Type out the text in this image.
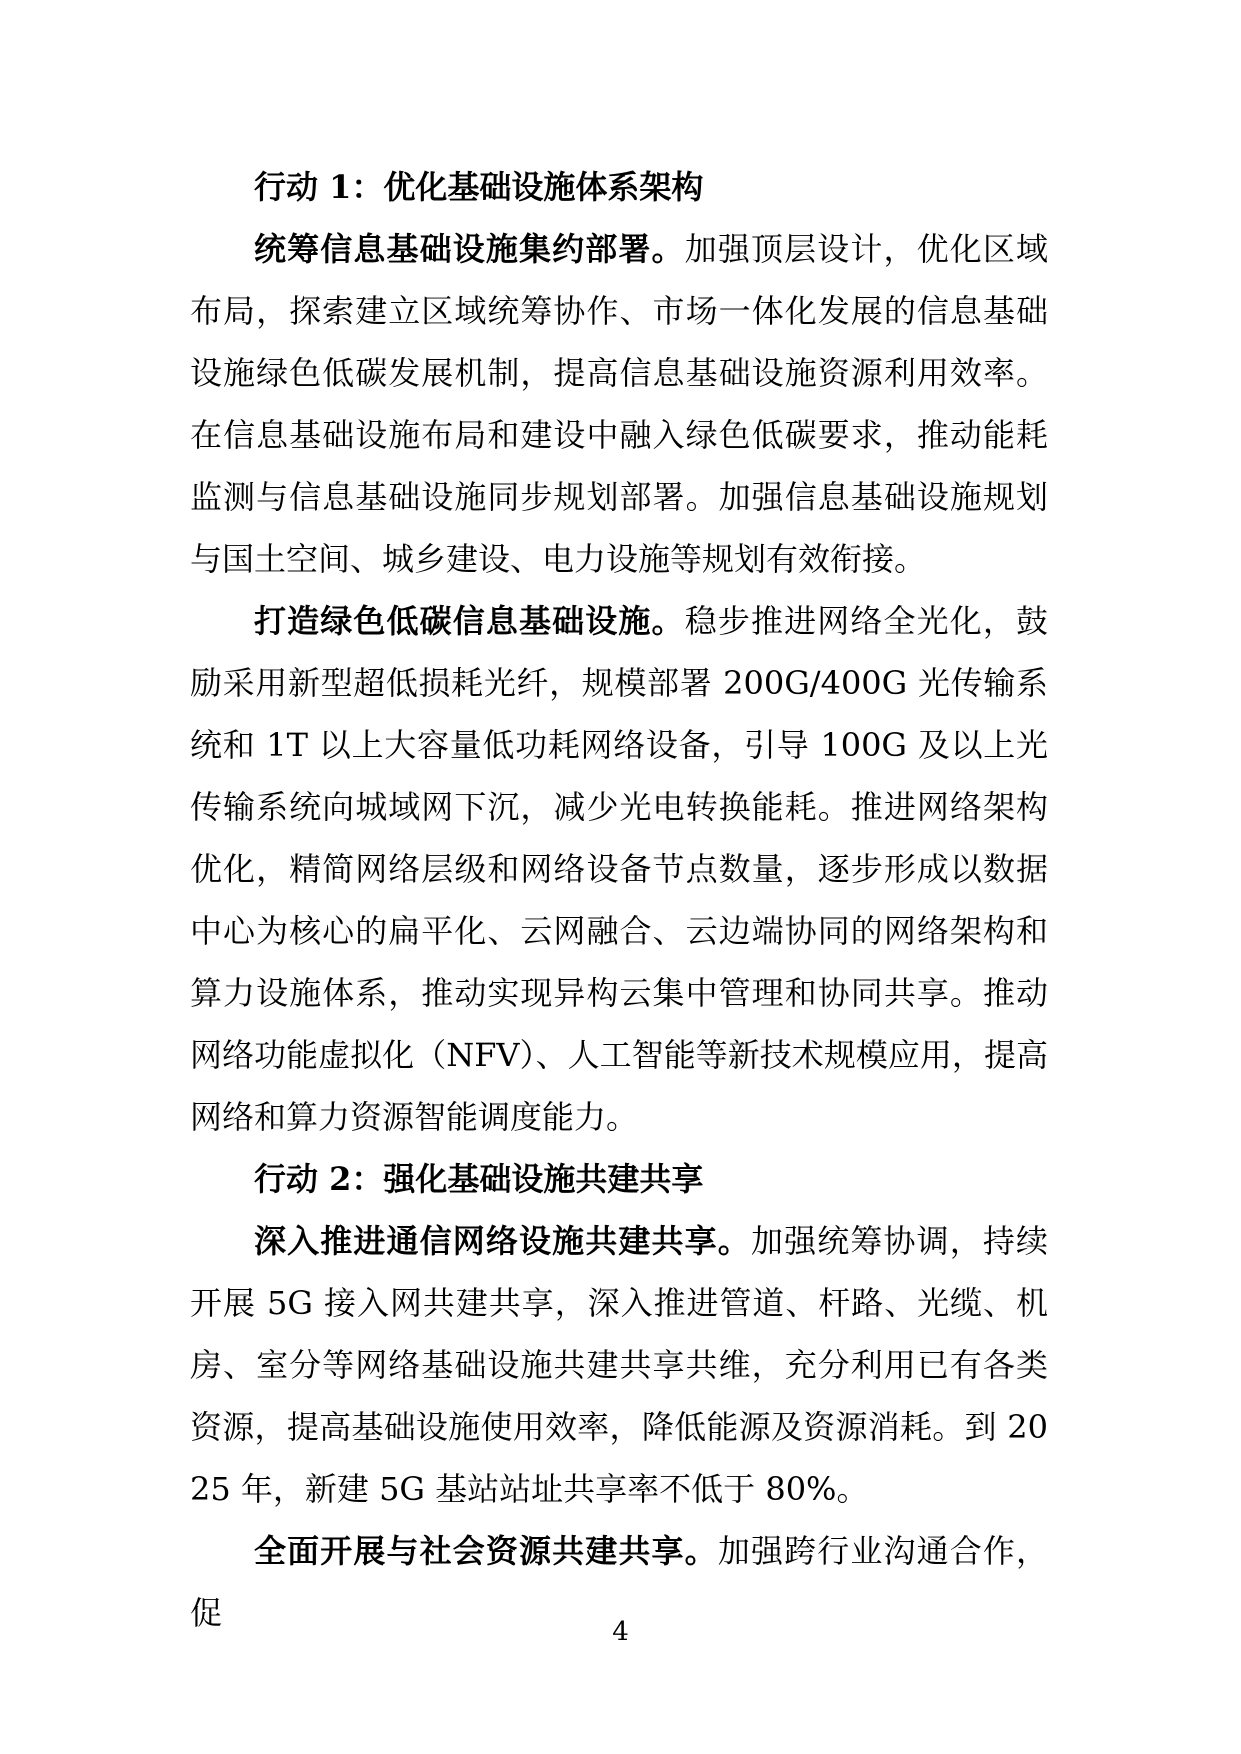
行动 1：优化基础设施体系架构

统筹信息基础设施集约部署。加强顶层设计，优化区域布局，探索建立区域统筹协作、市场一体化发展的信息基础设施绿色低碳发展机制，提高信息基础设施资源利用效率。在信息基础设施布局和建设中融入绿色低碳要求，推动能耗监测与信息基础设施同步规划部署。加强信息基础设施规划与国土空间、城乡建设、电力设施等规划有效衔接。

打造绿色低碳信息基础设施。稳步推进网络全光化，鼓励采用新型超低损耗光纤，规模部署 200G/400G 光传输系统和 1T 以上大容量低功耗网络设备，引导 100G 及以上光传输系统向城域网下沉，减少光电转换能耗。推进网络架构优化，精简网络层级和网络设备节点数量，逐步形成以数据中心为核心的扁平化、云网融合、云边端协同的网络架构和算力设施体系，推动实现异构云集中管理和协同共享。推动网络功能虚拟化（NFV）、人工智能等新技术规模应用，提高网络和算力资源智能调度能力。

行动 2：强化基础设施共建共享

深入推进通信网络设施共建共享。加强统筹协调，持续开展 5G 接入网共建共享，深入推进管道、杆路、光缆、机房、室分等网络基础设施共建共享共维，充分利用已有各类资源，提高基础设施使用效率，降低能源及资源消耗。到 2025 年，新建 5G 基站站址共享率不低于 80%。

全面开展与社会资源共建共享。加强跨行业沟通合作，促	4
